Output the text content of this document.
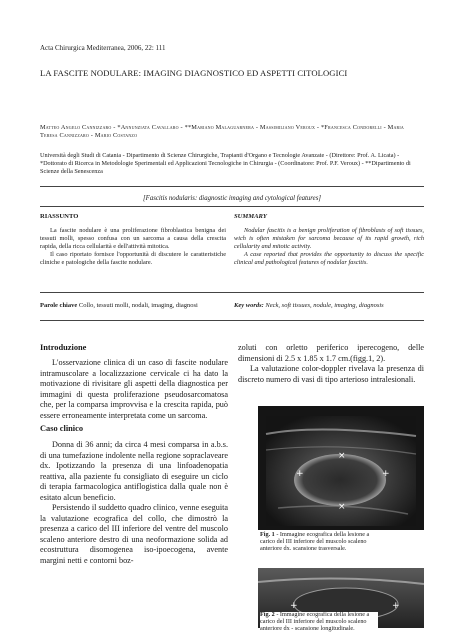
Acta Chirurgica Mediterranea, 2006, 22: 111
LA FASCITE NODULARE: IMAGING DIAGNOSTICO ED ASPETTI CITOLOGICI
Matteo Angelo Cannizzaro - *Annunziata Cavallaro - **Mariano Malaguarnera - Massimiliano Veroux - *Francesca Condorelli - Maria Teresa Cannizzaro - Mario Costanzo
Università degli Studi di Catania - Dipartimento di Scienze Chirurgiche, Trapianti d'Organo e Tecnologie Avanzate - (Direttore: Prof. A. Licata) - *Dottorato di Ricerca in Metodologie Sperimentali ed Applicazioni Tecnologiche in Chirurgia - (Coordinatore: Prof. P.F. Veroux) - **Dipartimento di Scienze della Senescenza
[Fascitis nodularis: diagnostic imaging and cytological features]
RIASSUNTO

La fascite nodulare è una proliferazione fibroblastica benigna dei tessuti molli, spesso confusa con un sarcoma a causa della crescita rapida, della ricca cellularità e dell'attività mitotica.

Il caso riportato fornisce l'opportunità di discutere le caratteristiche cliniche e patologiche della fascite nodulare.

SUMMARY

Nodular fascitis is a benign proliferation of fibroblasts of soft tissues, wich is often mistaken for sarcoma because of its rapid growth, rich cellularity and mitotic activity.

A case reported that provides the opportunity to discuss the specific clinical and pathological features of nodular fascitis.

Parole chiave Collo, tessuti molli, nodali, imaging, diagnosi	Key words: Neck, soft tissues, nodule, imaging, diagnosis
Introduzione

L'osservazione clinica di un caso di fascite nodulare intramuscolare a localizzazione cervicale ci ha dato la motivazione di rivisitare gli aspetti della diagnostica per immagini di questa proliferazione pseudosarcomatosa che, per la comparsa improvvisa e la crescita rapida, può essere erroneamente interpretata come un sarcoma.

Caso clinico

Donna di 36 anni; da circa 4 mesi comparsa in a.b.s. di una tumefazione indolente nella regione sopraclaveare dx. Ipotizzando la presenza di una linfoadenopatia reattiva, alla paziente fu consigliato di eseguire un ciclo di terapia farmacologica antiflogistica dalla quale non è esitato alcun beneficio.

Persistendo il suddetto quadro clinico, venne eseguita la valutazione ecografica del collo, che dimostrò la presenza a carico del III inferiore del ventre del muscolo scaleno anteriore destro di una neoformazione solida ad ecostruttura disomogenea iso-ipoecogena, avente margini netti e contorni boz-

zoluti con orletto periferico iperecogeno, delle dimensioni di 2.5 x 1.85 x 1.7 cm.(figg.1, 2).

La valutazione color-doppler rivelava la presenza di discreto numero di vasi di tipo arterioso intralesionali.

+	+
×
×
Fig. 1 - Immagine ecografica della lesione a carico del III inferiore del muscolo scaleno anteriore dx. scansione trasversale.
+	+
Fig. 2 - Immagine ecografica della lesione a carico del III inferiore del muscolo scaleno anteriore dx - scansione longitudinale.
